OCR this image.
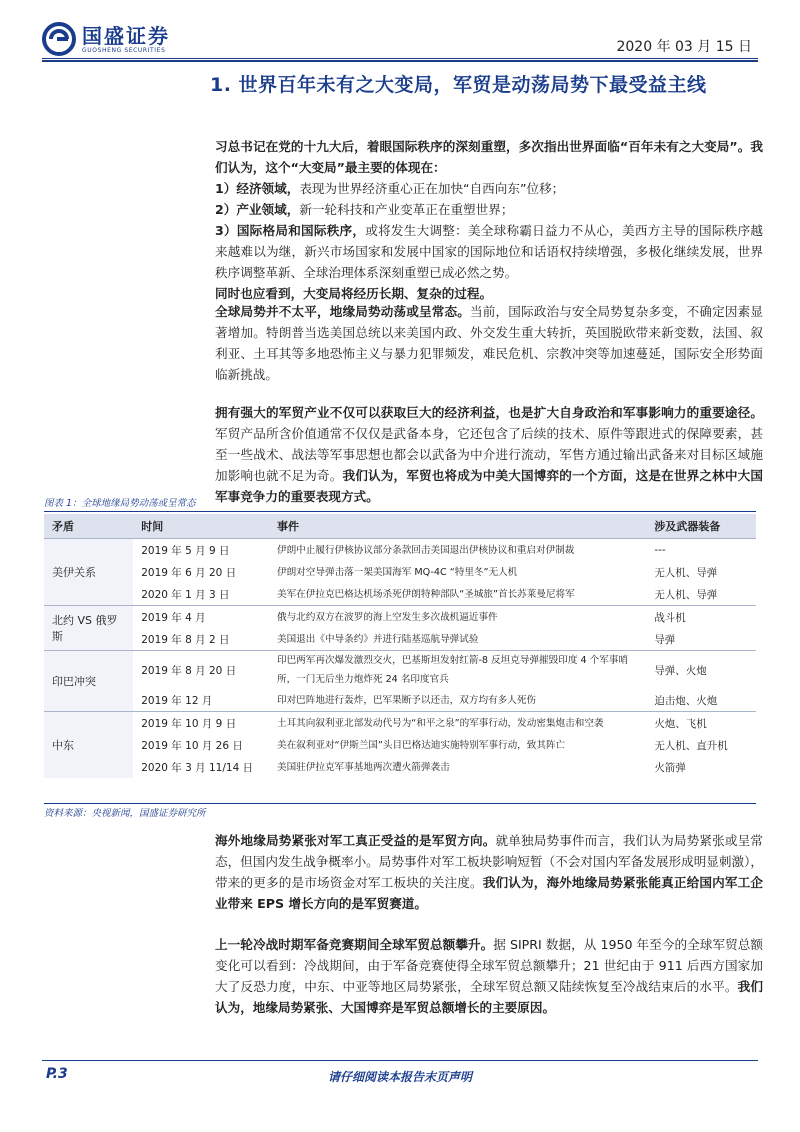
国盛证券
GUOSHENG SECURITIES	2020 年 03 月 15 日
1. 世界百年未有之大变局，军贸是动荡局势下最受益主线
习总书记在党的十九大后，着眼国际秩序的深刻重塑，多次指出世界面临“百年未有之大变局”。我们认为，这个“大变局”最主要的体现在：
1）经济领域，表现为世界经济重心正在加快“自西向东”位移；
2）产业领域，新一轮科技和产业变革正在重塑世界；
3）国际格局和国际秩序，或将发生大调整：美全球称霸日益力不从心，美西方主导的国际秩序越来越难以为继，新兴市场国家和发展中国家的国际地位和话语权持续增强，多极化继续发展，世界秩序调整革新、全球治理体系深刻重塑已成必然之势。
同时也应看到，大变局将经历长期、复杂的过程。
全球局势并不太平，地缘局势动荡或呈常态。当前，国际政治与安全局势复杂多变，不确定因素显著增加。特朗普当选美国总统以来美国内政、外交发生重大转折，英国脱欧带来新变数，法国、叙利亚、土耳其等多地恐怖主义与暴力犯罪频发，难民危机、宗教冲突等加速蔓延，国际安全形势面临新挑战。
拥有强大的军贸产业不仅可以获取巨大的经济利益，也是扩大自身政治和军事影响力的重要途径。军贸产品所含价值通常不仅仅是武备本身，它还包含了后续的技术、原件等跟进式的保障要素，甚至一些战术、战法等军事思想也都会以武备为中介进行流动，军售方通过输出武备来对目标区域施加影响也就不足为奇。我们认为，军贸也将成为中美大国博弈的一个方面，这是在世界之林中大国军事竞争力的重要表现方式。
图表 1：全球地缘局势动荡或呈常态
矛盾	时间	事件	涉及武器装备
美伊关系	2019 年 5 月 9 日	伊朗中止履行伊核协议部分条款回击美国退出伊核协议和重启对伊制裁	---
	2019 年 6 月 20 日	伊朗对空导弹击落一架美国海军 MQ-4C “特里冬”无人机	无人机、导弹
	2020 年 1 月 3 日	美军在伊拉克巴格达机场杀死伊朗特种部队“圣城旅”首长苏莱曼尼将军	无人机、导弹
北约 VS 俄罗斯	2019 年 4 月	俄与北约双方在波罗的海上空发生多次战机逼近事件	战斗机
	2019 年 8 月 2 日	美国退出《中导条约》并进行陆基巡航导弹试验	导弹
印巴冲突	2019 年 8 月 20 日	印巴两军再次爆发激烈交火，巴基斯坦发射红箭-8 反坦克导弹摧毁印度 4 个军事哨所，一门无后坐力炮炸死 24 名印度官兵	导弹、火炮
	2019 年 12 月	印对巴阵地进行轰炸，巴军果断予以还击，双方均有多人死伤	迫击炮、火炮
中东	2019 年 10 月 9 日	土耳其向叙利亚北部发动代号为“和平之泉”的军事行动，发动密集炮击和空袭	火炮、飞机
	2019 年 10 月 26 日	美在叙利亚对“伊斯兰国”头目巴格达迪实施特别军事行动，致其阵亡	无人机、直升机
	2020 年 3 月 11/14 日	美国驻伊拉克军事基地两次遭火箭弹袭击	火箭弹
资料来源：央视新闻，国盛证券研究所
海外地缘局势紧张对军工真正受益的是军贸方向。就单独局势事件而言，我们认为局势紧张或呈常态，但国内发生战争概率小。局势事件对军工板块影响短暂（不会对国内军备发展形成明显刺激），带来的更多的是市场资金对军工板块的关注度。我们认为，海外地缘局势紧张能真正给国内军工企业带来 EPS 增长方向的是军贸赛道。
上一轮冷战时期军备竞赛期间全球军贸总额攀升。据 SIPRI 数据，从 1950 年至今的全球军贸总额变化可以看到：冷战期间，由于军备竞赛使得全球军贸总额攀升；21 世纪由于 911 后西方国家加大了反恐力度，中东、中亚等地区局势紧张，全球军贸总额又陆续恢复至冷战结束后的水平。我们认为，地缘局势紧张、大国博弈是军贸总额增长的主要原因。
P.3	请仔细阅读本报告末页声明
